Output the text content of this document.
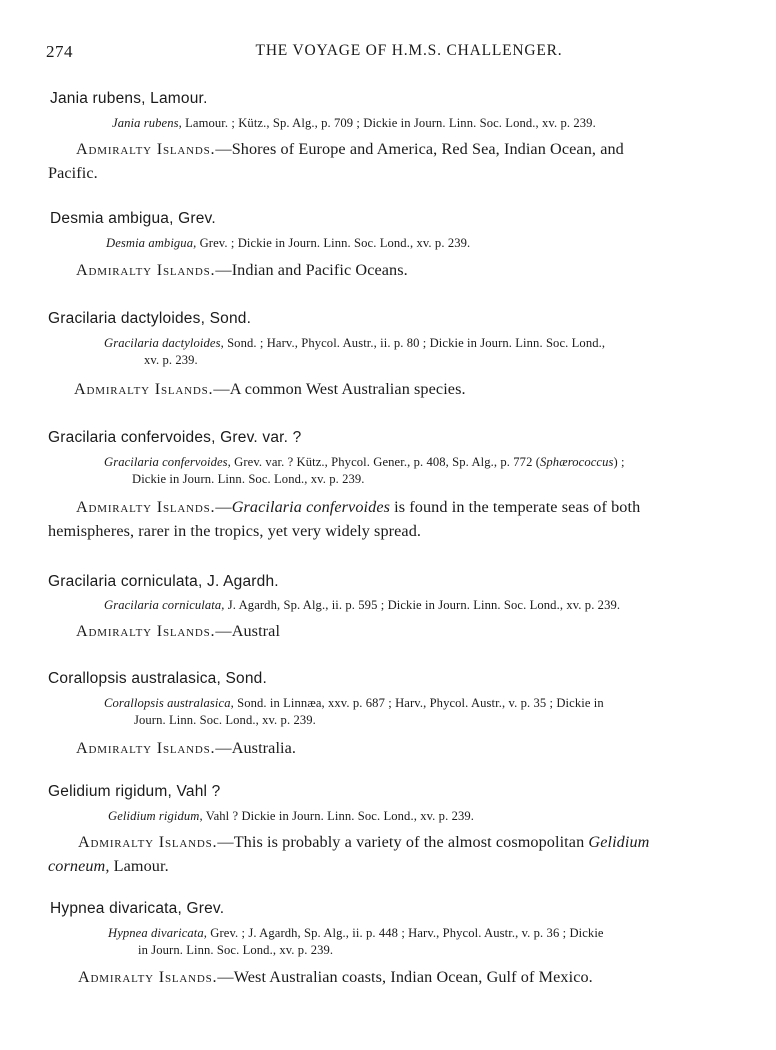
274	THE VOYAGE OF H.M.S. CHALLENGER.
Jania rubens, Lamour.
Jania rubens, Lamour. ; Kütz., Sp. Alg., p. 709 ; Dickie in Journ. Linn. Soc. Lond., xv. p. 239.
Admiralty Islands.—Shores of Europe and America, Red Sea, Indian Ocean, and
Pacific.
Desmia ambigua, Grev.
Desmia ambigua, Grev. ; Dickie in Journ. Linn. Soc. Lond., xv. p. 239.
Admiralty Islands.—Indian and Pacific Oceans.
Gracilaria dactyloides, Sond.
Gracilaria dactyloides, Sond. ; Harv., Phycol. Austr., ii. p. 80 ; Dickie in Journ. Linn. Soc. Lond.,
xv. p. 239.
Admiralty Islands.—A common West Australian species.
Gracilaria confervoides, Grev. var. ?
Gracilaria confervoides, Grev. var. ? Kütz., Phycol. Gener., p. 408, Sp. Alg., p. 772 (Sphærococcus) ;
Dickie in Journ. Linn. Soc. Lond., xv. p. 239.
Admiralty Islands.—Gracilaria confervoides is found in the temperate seas of both
hemispheres, rarer in the tropics, yet very widely spread.
Gracilaria corniculata, J. Agardh.
Gracilaria corniculata, J. Agardh, Sp. Alg., ii. p. 595 ; Dickie in Journ. Linn. Soc. Lond., xv. p. 239.
Admiralty Islands.—Austral
Corallopsis australasica, Sond.
Corallopsis australasica, Sond. in Linnæa, xxv. p. 687 ; Harv., Phycol. Austr., v. p. 35 ; Dickie in
Journ. Linn. Soc. Lond., xv. p. 239.
Admiralty Islands.—Australia.
Gelidium rigidum, Vahl ?
Gelidium rigidum, Vahl ? Dickie in Journ. Linn. Soc. Lond., xv. p. 239.
Admiralty Islands.—This is probably a variety of the almost cosmopolitan Gelidium
corneum, Lamour.
Hypnea divaricata, Grev.
Hypnea divaricata, Grev. ; J. Agardh, Sp. Alg., ii. p. 448 ; Harv., Phycol. Austr., v. p. 36 ; Dickie
in Journ. Linn. Soc. Lond., xv. p. 239.
Admiralty Islands.—West Australian coasts, Indian Ocean, Gulf of Mexico.
